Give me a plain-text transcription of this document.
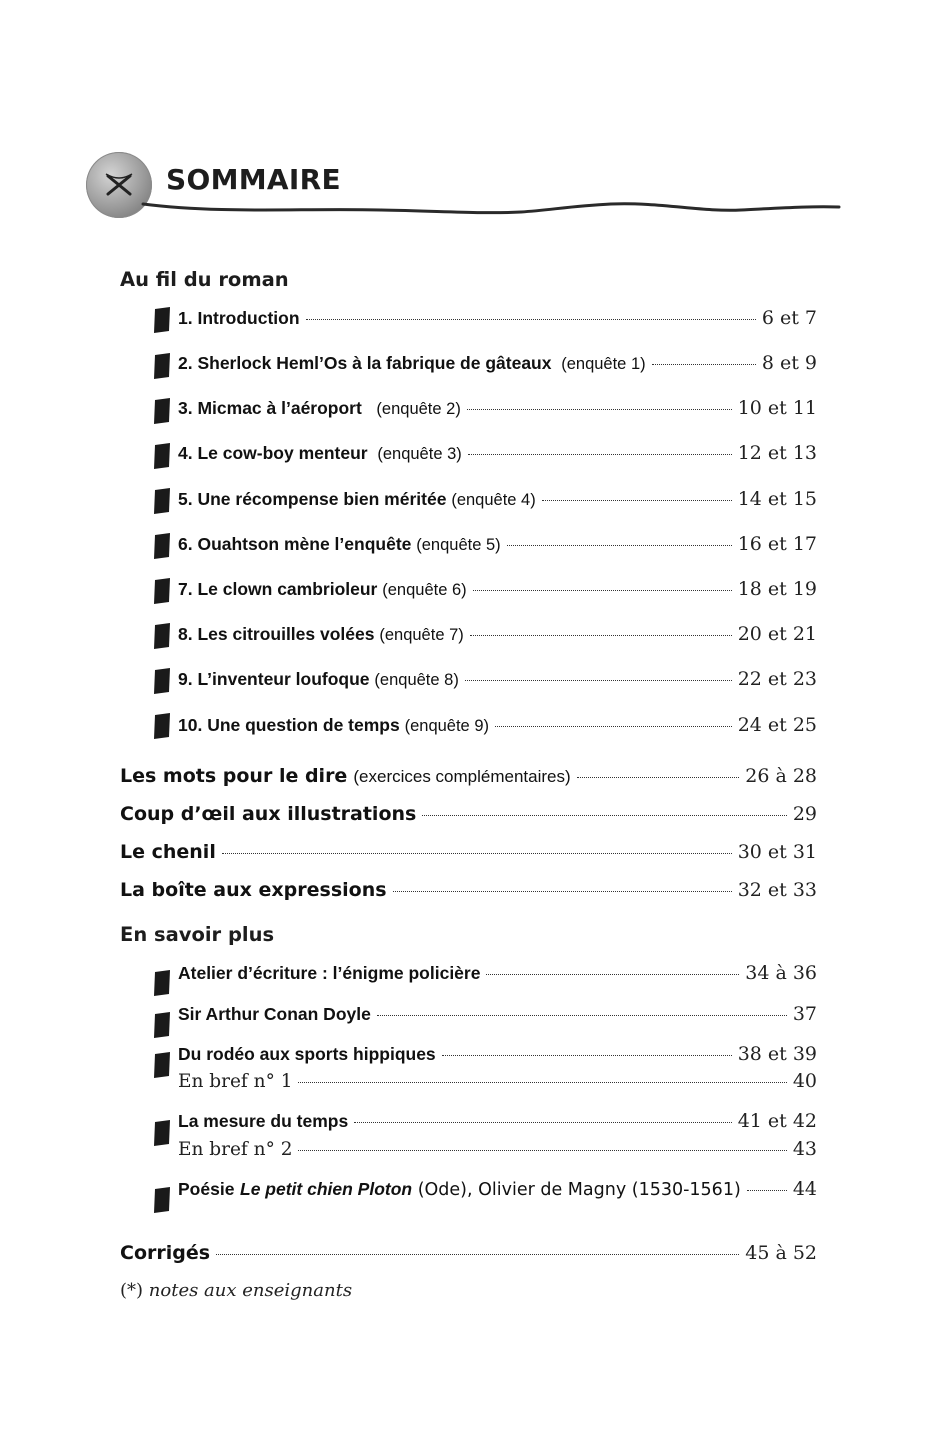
SOMMAIRE
Au fil du roman
1. Introduction	6 et 7
2. Sherlock Heml’Os à la fabrique de gâteaux (enquête 1)	8 et 9
3. Micmac à l’aéroport (enquête 2)	10 et 11
4. Le cow-boy menteur (enquête 3)	12 et 13
5. Une récompense bien méritée (enquête 4)	14 et 15
6. Ouahtson mène l’enquête (enquête 5)	16 et 17
7. Le clown cambrioleur (enquête 6)	18 et 19
8. Les citrouilles volées (enquête 7)	20 et 21
9. L’inventeur loufoque (enquête 8)	22 et 23
10. Une question de temps (enquête 9)	24 et 25
Les mots pour le dire (exercices complémentaires)	26 à 28
Coup d’œil aux illustrations	29
Le chenil	30 et 31
La boîte aux expressions	32 et 33
En savoir plus
Atelier d’écriture : l’énigme policière	34 à 36
Sir Arthur Conan Doyle	37
Du rodéo aux sports hippiques	38 et 39
En bref n° 1	40
La mesure du temps	41 et 42
En bref n° 2	43
Poésie Le petit chien Ploton (Ode), Olivier de Magny (1530-1561)	44
Corrigés	45 à 52
(*) notes aux enseignants
